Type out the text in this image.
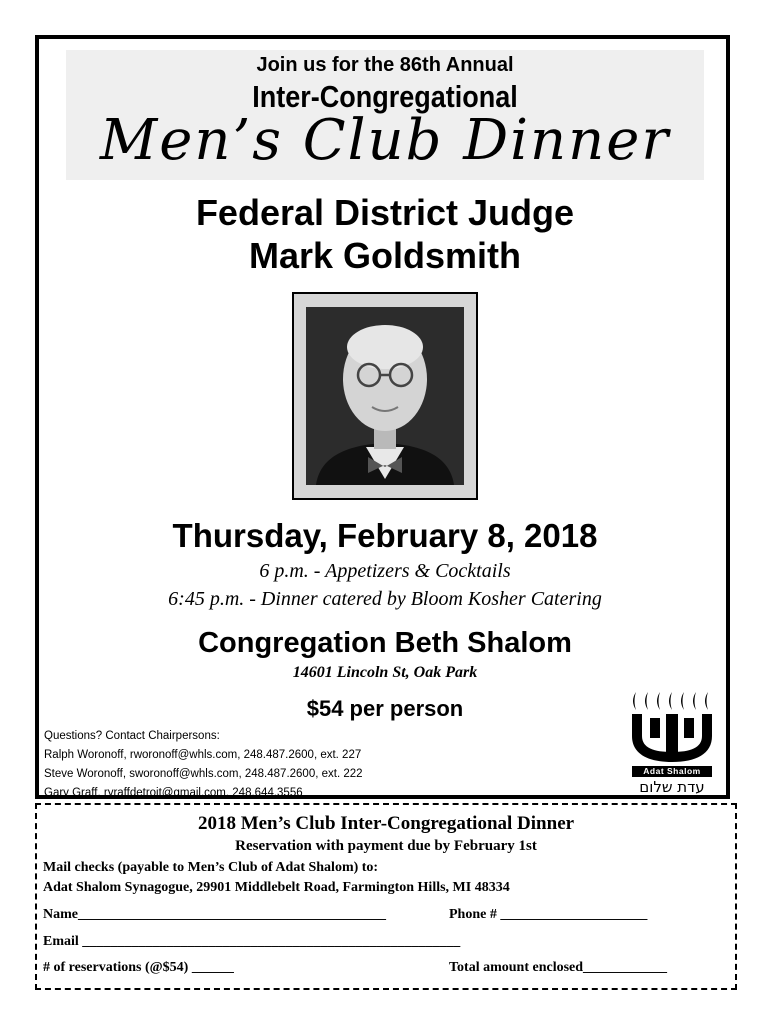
Join us for the 86th Annual
Inter-Congregational
Men’s Club Dinner
Federal District Judge
Mark Goldsmith
Thursday, February 8, 2018
6 p.m. - Appetizers & Cocktails
6:45 p.m. - Dinner catered by Bloom Kosher Catering
Congregation Beth Shalom
14601 Lincoln St, Oak Park
$54 per person
Questions? Contact Chairpersons:
Ralph Woronoff, rworonoff@whls.com, 248.487.2600, ext. 227
Steve Woronoff, sworonoff@whls.com, 248.487.2600, ext. 222
Gary Graff, ryraffdetroit@gmail.com, 248.644.3556
Adat Shalom
עדת שלום
2018 Men’s Club Inter-Congregational Dinner
Reservation with payment due by February 1st
Mail checks (payable to Men’s Club of Adat Shalom) to:
Adat Shalom Synagogue, 29901 Middlebelt Road, Farmington Hills, MI 48334
Name____________________________________________	Phone # _____________________
Email ______________________________________________________
# of reservations (@$54) ______	Total amount enclosed____________
